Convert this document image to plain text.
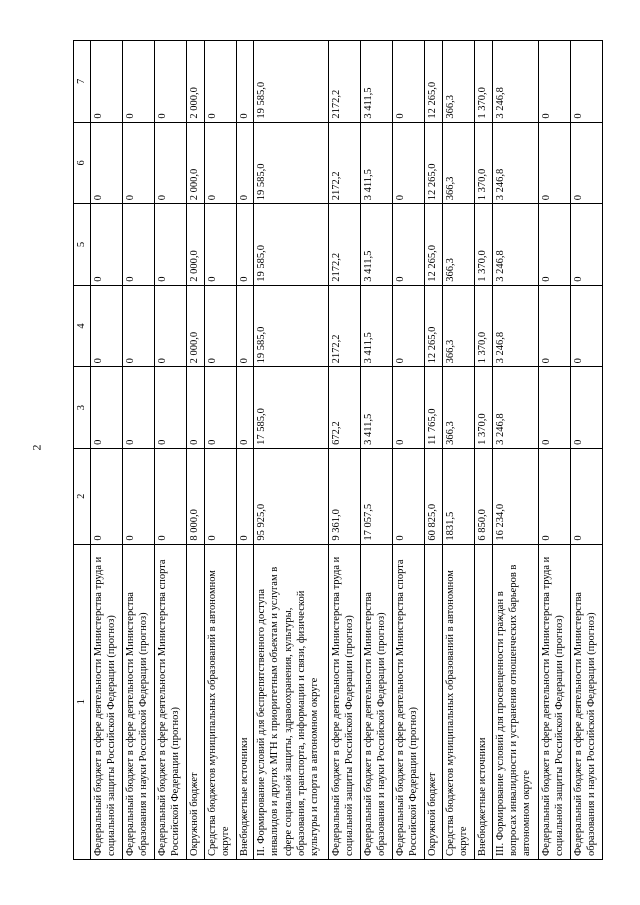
2
1	2	3	4	5	6	7
Федеральный бюджет в сфере деятельности Министерства труда и социальной защиты Российской Федерации (прогноз)	0	0	0	0	0	0
Федеральный бюджет в сфере деятельности Министерства образования и науки Российской Федерации (прогноз)	0	0	0	0	0	0
Федеральный бюджет в сфере деятельности Министерства спорта Российской Федерации (прогноз)	0	0	0	0	0	0
Окружной бюджет	8 000,0	0	2 000,0	2 000,0	2 000,0	2 000,0
Средства бюджетов муниципальных образований в автономном округе	0	0	0	0	0	0
Внебюджетные источники	0	0	0	0	0	0
II. Формирование условий для беспрепятственного доступа инвалидов и других МГН к приоритетным объектам и услугам в сфере социальной защиты, здравоохранения, культуры, образования, транспорта, информации и связи, физической культуры и спорта в автономном округе	95 925,0	17 585,0	19 585,0	19 585,0	19 585,0	19 585,0
Федеральный бюджет в сфере деятельности Министерства труда и социальной защиты Российской Федерации (прогноз)	9 361,0	672,2	2172,2	2172,2	2172,2	2172,2
Федеральный бюджет в сфере деятельности Министерства образования и науки Российской Федерации (прогноз)	17 057,5	3 411,5	3 411,5	3 411,5	3 411,5	3 411,5
Федеральный бюджет в сфере деятельности Министерства спорта Российской Федерации (прогноз)	0	0	0	0	0	0
Окружной бюджет	60 825,0	11 765,0	12 265,0	12 265,0	12 265,0	12 265,0
Средства бюджетов муниципальных образований в автономном округе	1831,5	366,3	366,3	366,3	366,3	366,3
Внебюджетные источники	6 850,0	1 370,0	1 370,0	1 370,0	1 370,0	1 370,0
III. Формирование условий для просвещенности граждан в вопросах инвалидности и устранения отношенческих барьеров в автономном округе	16 234,0	3 246,8	3 246,8	3 246,8	3 246,8	3 246,8
Федеральный бюджет в сфере деятельности Министерства труда и социальной защиты Российской Федерации (прогноз)	0	0	0	0	0	0
Федеральный бюджет в сфере деятельности Министерства образования и науки Российской Федерации (прогноз)	0	0	0	0	0	0
